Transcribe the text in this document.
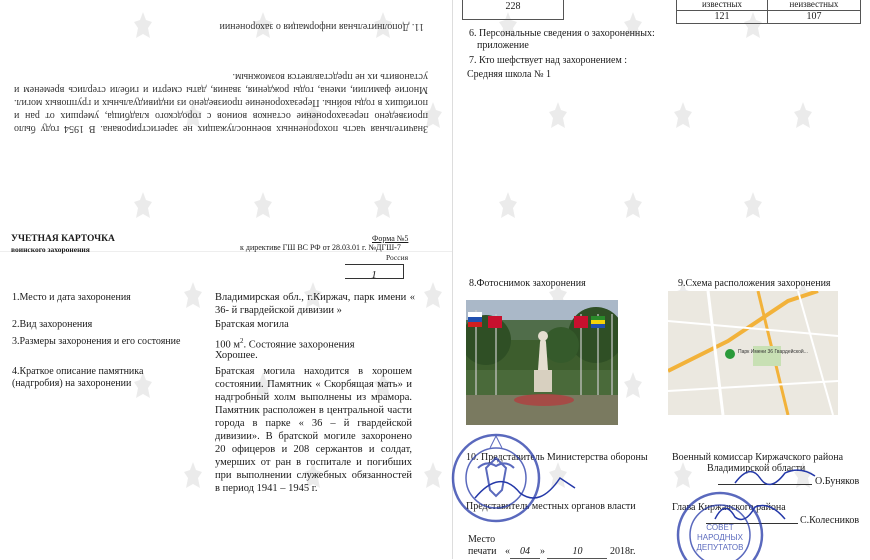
228	известных	неизвестных
121	107
6. Персональные сведения о захороненных:
приложение
7. Кто шефствует над захоронением :
Средняя школа № 1
Значительная часть похороненных военнослужащих не зарегистрирована. В 1954 году было произведено перезахоронение останков воинов с городского кладбища, умерших от ран и погибших в годы войны. Перезахоронение произведено из индивидуальных и групповых могил. Многие фамилии, имена, годы рождения, звания, даты смерти и гибели стерлись временем и установить их не представляется возможным.
11. Дополнительная информация о захоронении
УЧЕТНАЯ КАРТОЧКА
воинского захоронения
Форма №5
к директиве ГШ ВС РФ от 28.03.01 г. №ДГШ-7
Россия
1
1.Место и дата захоронения	Владимирская обл., г.Киржач, парк имени « 36- й гвардейской дивизии »
2.Вид захоронения	Братская могила
3.Размеры захоронения и его состояние	100 $м^2$. Состояние захоронения
Хорошее.
4.Краткое описание памятника
(надгробия) на захоронении
Братская могила находится в хорошем состоянии. Памятник « Скорбящая мать» и надгробный холм выполнены из мрамора. Памятник расположен в центральной части города в парке « 36 – й гвардейской дивизии». В братской могиле захоронено 20 офицеров и 208 сержантов и солдат, умерших от ран в госпитале и погибших при выполнении служебных обязанностей в период 1941 – 1945 г.
8.Фотоснимок захоронения	9.Схема расположения захоронения
Парк Имени 36 Гвардейской...
10. Представитель Министерства обороны
Представитель местных органов власти
Военный комиссар Киржачского района
Владимирской области
О.Буняков
Глава Киржачского района
С.Колесников
Место
печати « 04 »	10	2018г.
СОВЕТ
НАРОДНЫХ
ДЕПУТАТОВ
